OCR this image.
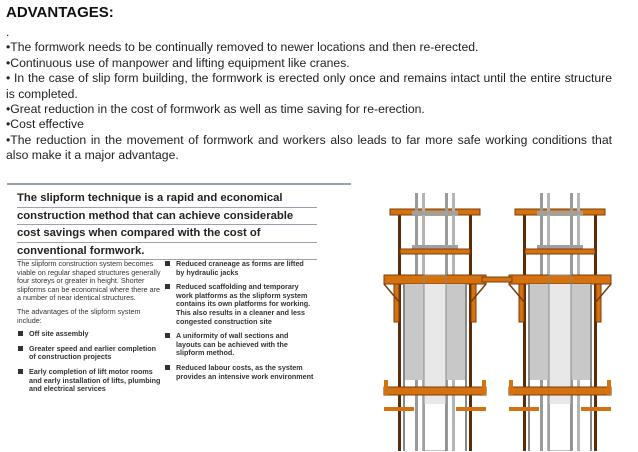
ADVANTAGES:

.

•The formwork needs to be continually removed to newer locations and then re-erected.

•Continuous use of manpower and lifting equipment like cranes.

• In the case of slip form building, the formwork is erected only once and remains intact until the entire structure is completed.

•Great reduction in the cost of formwork as well as time saving for re-erection.

•Cost effective

•The reduction in the movement of formwork and workers also leads to far more safe working conditions that also make it a major advantage.

The slipform technique is a rapid and economical
construction method that can achieve considerable
cost savings when compared with the cost of
conventional formwork.

The slipform construction system becomes viable on regular shaped structures generally four storeys or greater in height. Shorter slipforms can be economical where there are a number of near identical structures.

The advantages of the slipform system include:

Off site assembly
Greater speed and earlier completion of construction projects
Early completion of lift motor rooms and early installation of lifts, plumbing and electrical services
Reduced craneage as forms are lifted by hydraulic jacks
Reduced scaffolding and temporary work platforms as the slipform system contains its own platforms for working. This also results in a cleaner and less congested construction site
A uniformity of wall sections and layouts can be achieved with the slipform method.
Reduced labour costs, as the system provides an intensive work environment
